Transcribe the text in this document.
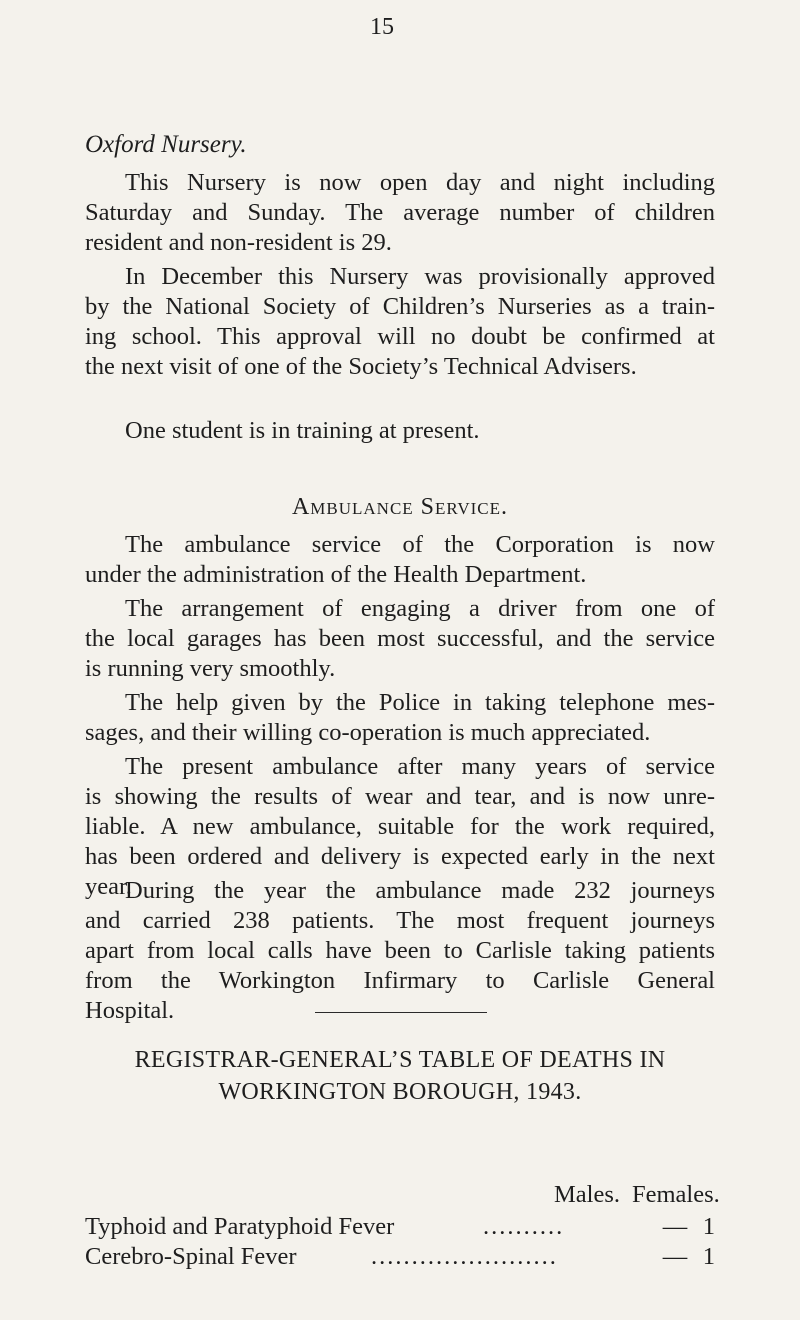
15
Oxford Nursery.
This Nursery is now open day and night including
Saturday and Sunday. The average number of children
resident and non-resident is 29.
In December this Nursery was provisionally approved
by the National Society of Children’s Nurseries as a train-
ing school. This approval will no doubt be confirmed at
the next visit of one of the Society’s Technical Advisers.
One student is in training at present.
Ambulance Service.
The ambulance service of the Corporation is now
under the administration of the Health Department.
The arrangement of engaging a driver from one of
the local garages has been most successful, and the service
is running very smoothly.
The help given by the Police in taking telephone mes-
sages, and their willing co-operation is much appreciated.
The present ambulance after many years of service
is showing the results of wear and tear, and is now unre-
liable. A new ambulance, suitable for the work required,
has been ordered and delivery is expected early in the next
year.
During the year the ambulance made 232 journeys
and carried 238 patients. The most frequent journeys
apart from local calls have been to Carlisle taking patients
from the Workington Infirmary to Carlisle General
Hospital.
REGISTRAR-GENERAL’S TABLE OF DEATHS IN
WORKINGTON BOROUGH, 1943.
Males. Females.
Typhoid and Paratyphoid Fever	..........	— 1
Cerebro-Spinal Fever	.......................	— 1
